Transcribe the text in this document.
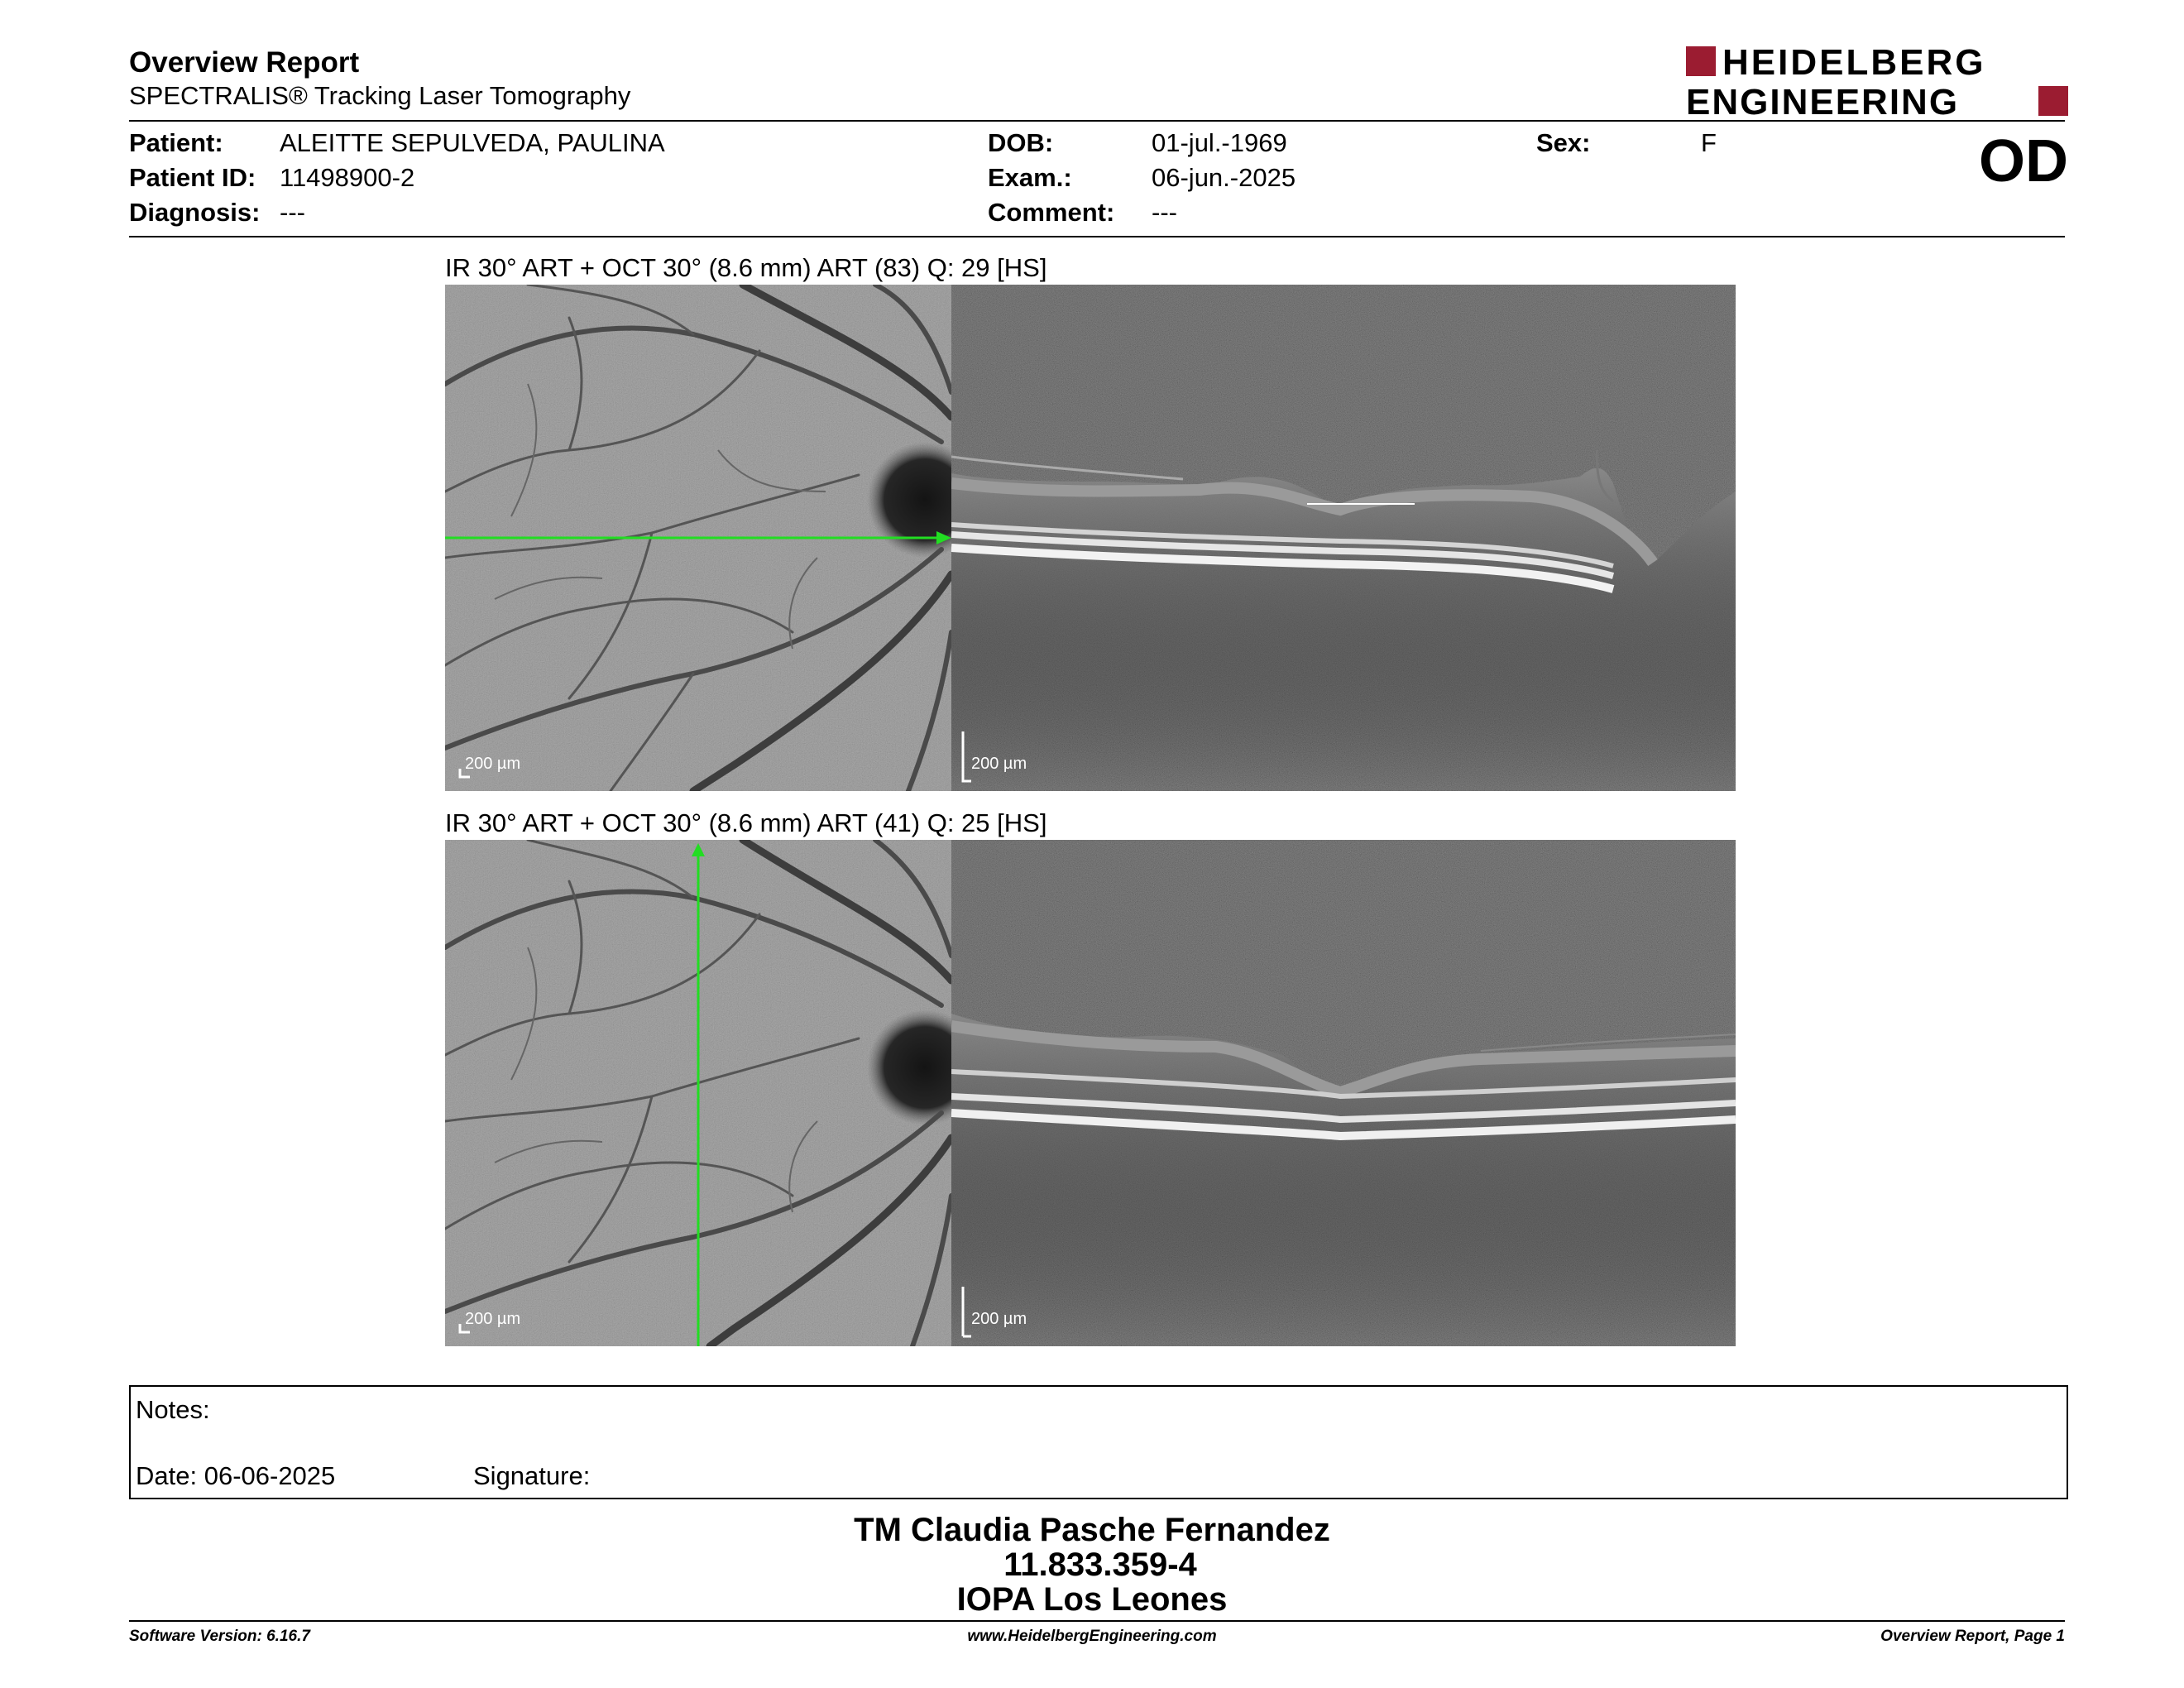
Overview Report
SPECTRALIS® Tracking Laser Tomography
HEIDELBERG
ENGINEERING
Patient: ALEITTE SEPULVEDA, PAULINA
Patient ID: 11498900-2
Diagnosis: ---
DOB:	01-jul.-1969
Exam.:	06-jun.-2025
Comment: ---
Sex:	F	OD
IR 30° ART + OCT 30° (8.6 mm) ART (83) Q: 29 [HS]
200 µm	200 µm
IR 30° ART + OCT 30° (8.6 mm) ART (41) Q: 25 [HS]
200 µm	200 µm
Notes:
Date: 06-06-2025	Signature:
TM Claudia Pasche Fernandez
11.833.359-4
IOPA Los Leones
Software Version: 6.16.7	www.HeidelbergEngineering.com	Overview Report, Page 1
